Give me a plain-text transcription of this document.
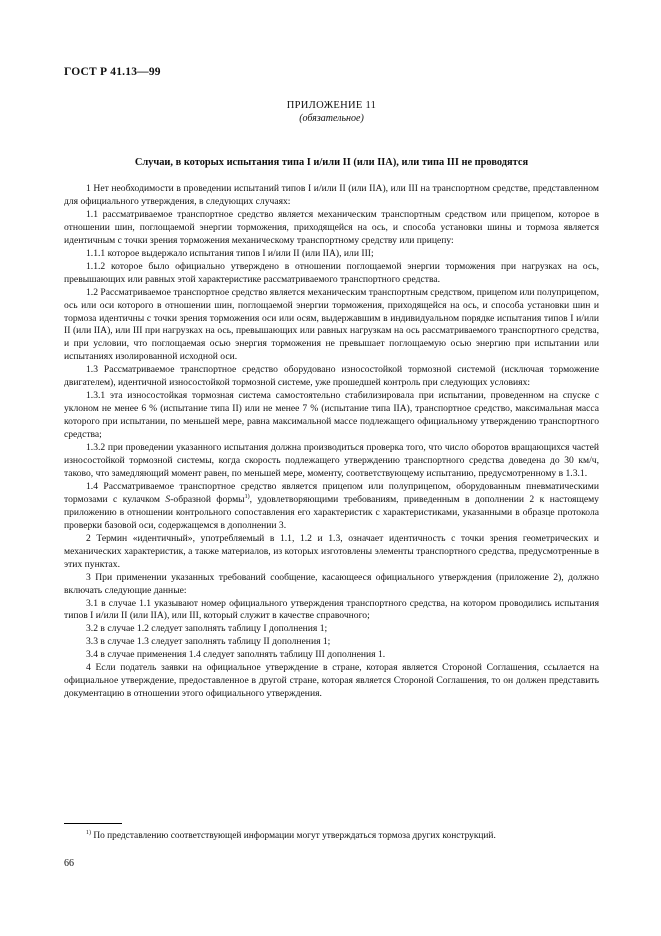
ГОСТ Р 41.13—99
ПРИЛОЖЕНИЕ 11
(обязательное)
Случаи, в которых испытания типа I и/или II (или IIA), или типа III не проводятся

1 Нет необходимости в проведении испытаний типов I и/или II (или IIA), или III на транспортном средстве, представленном для официального утверждения, в следующих случаях:

1.1 рассматриваемое транспортное средство является механическим транспортным средством или прицепом, которое в отношении шин, поглощаемой энергии торможения, приходящейся на ось, и способа установки шины и тормоза является идентичным с точки зрения торможения механическому транспортному средству или прицепу:

1.1.1 которое выдержало испытания типов I и/или II (или IIA), или III;

1.1.2 которое было официально утверждено в отношении поглощаемой энергии торможения при нагрузках на ось, превышающих или равных этой характеристике рассматриваемого транспортного средства.

1.2 Рассматриваемое транспортное средство является механическим транспортным средством, прицепом или полуприцепом, ось или оси которого в отношении шин, поглощаемой энергии торможения, приходящейся на ось, и способа установки шин и тормоза идентичны с точки зрения торможения оси или осям, выдержавшим в индивидуальном порядке испытания типов I и/или II (или IIA), или III при нагрузках на ось, превышающих или равных нагрузкам на ось рассматриваемого транспортного средства, и при условии, что поглощаемая осью энергия торможения не превышает поглощаемую осью энергию при испытании или испытаниях изолированной исходной оси.

1.3 Рассматриваемое транспортное средство оборудовано износостойкой тормозной системой (исключая торможение двигателем), идентичной износостойкой тормозной системе, уже прошедшей контроль при следующих условиях:

1.3.1 эта износостойкая тормозная система самостоятельно стабилизировала при испытании, проведенном на спуске с уклоном не менее 6 % (испытание типа II) или не менее 7 % (испытание типа IIA), транспортное средство, максимальная масса которого при испытании, по меньшей мере, равна максимальной массе подлежащего официальному утверждению транспортного средства;

1.3.2 при проведении указанного испытания должна производиться проверка того, что число оборотов вращающихся частей износостойкой тормозной системы, когда скорость подлежащего утверждению транспортного средства доведена до 30 км/ч, таково, что замедляющий момент равен, по меньшей мере, моменту, соответствующему испытанию, предусмотренному в 1.3.1.

1.4 Рассматриваемое транспортное средство является прицепом или полуприцепом, оборудованным пневматическими тормозами с кулачком S-образной формы$^{1)}$, удовлетворяющими требованиям, приведенным в дополнении 2 к настоящему приложению в отношении контрольного сопоставления его характеристик с характеристиками, указанными в образце протокола проверки базовой оси, содержащемся в дополнении 3.

2 Термин «идентичный», употребляемый в 1.1, 1.2 и 1.3, означает идентичность с точки зрения геометрических и механических характеристик, а также материалов, из которых изготовлены элементы транспортного средства, предусмотренные в этих пунктах.

3 При применении указанных требований сообщение, касающееся официального утверждения (приложение 2), должно включать следующие данные:

3.1 в случае 1.1 указывают номер официального утверждения транспортного средства, на котором проводились испытания типов I и/или II (или IIA), или III, который служит в качестве справочного;

3.2 в случае 1.2 следует заполнять таблицу I дополнения 1;

3.3 в случае 1.3 следует заполнять таблицу II дополнения 1;

3.4 в случае применения 1.4 следует заполнять таблицу III дополнения 1.

4 Если податель заявки на официальное утверждение в стране, которая является Стороной Соглашения, ссылается на официальное утверждение, предоставленное в другой стране, которая является Стороной Соглашения, то он должен представить документацию в отношении этого официального утверждения.

$^{1)}$ По представлению соответствующей информации могут утверждаться тормоза других конструкций.
66
